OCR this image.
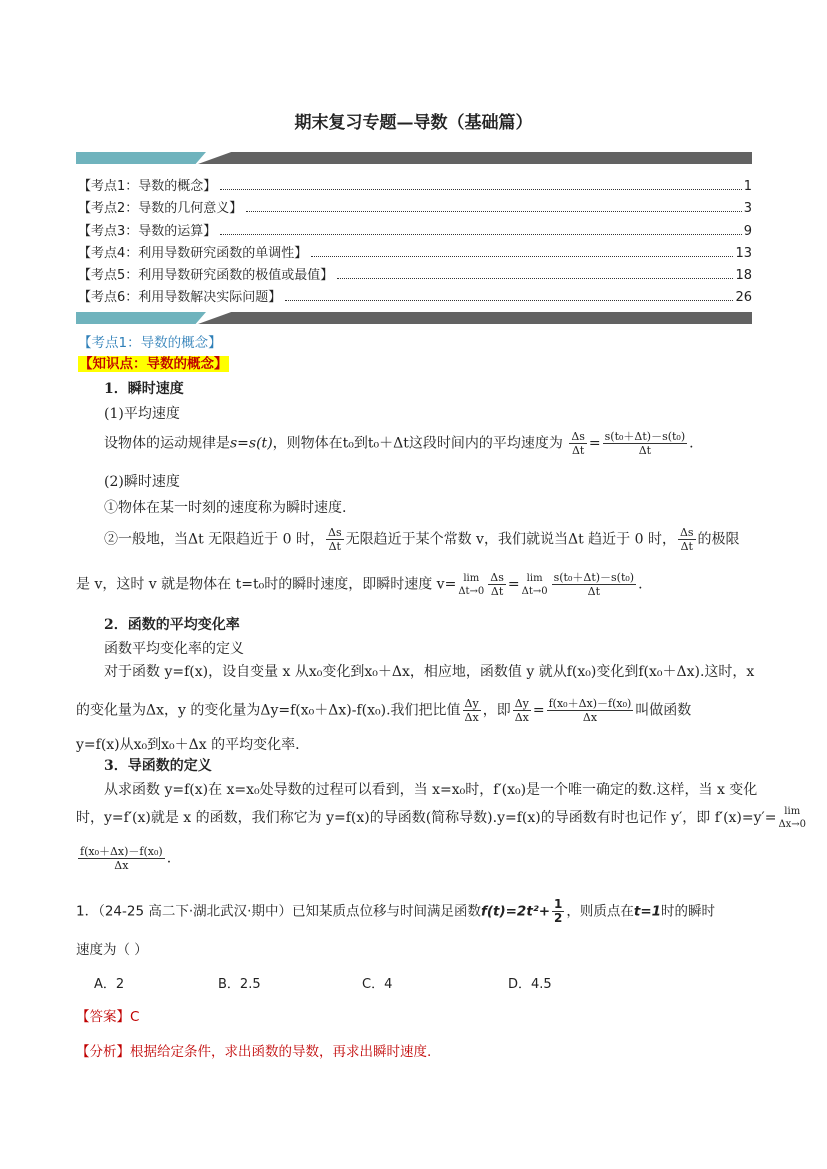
期末复习专题—导数（基础篇）
【考点1：导数的概念】	1
【考点2：导数的几何意义】	3
【考点3：导数的运算】	9
【考点4：利用导数研究函数的单调性】	13
【考点5：利用导数研究函数的极值或最值】	18
【考点6：利用导数解决实际问题】	26
【考点1：导数的概念】
【知识点：导数的概念】
1．瞬时速度
(1)平均速度
设物体的运动规律是s=s(t)，则物体在t₀到t₀＋Δt这段时间内的平均速度为 $\frac{\Delta s}{\Delta t} = \frac{\text{s(t₀＋Δt)－s(t₀)}}{\Delta t}$ .
(2)瞬时速度
①物体在某一时刻的速度称为瞬时速度.
②一般地，当Δt 无限趋近于 0 时， $\frac{\Delta s}{\Delta t}$ 无限趋近于某个常数 v，我们就说当Δt 趋近于 0 时， $\frac{\Delta s}{\Delta t}$ 的极限
是 v，这时 v 就是物体在 t=t₀时的瞬时速度，即瞬时速度 v= lim
$\Delta t\to 0 \frac{\Delta s}{\Delta t} = \lim$
$\Delta t\to 0 \frac{\text{s(t₀＋Δt)－s(t₀)}}{\Delta t}$ .
2．函数的平均变化率
函数平均变化率的定义
对于函数 y=f(x)，设自变量 x 从x₀变化到x₀＋Δx，相应地，函数值 y 就从f(x₀)变化到f(x₀＋Δx).这时，x
的变化量为Δx，y 的变化量为Δy=f(x₀＋Δx)-f(x₀).我们把比值 $\frac{\Delta y}{\Delta x}$ ，即 $\frac{\Delta y}{\Delta x} = \frac{\text{f(x₀＋Δx)－f(x₀)}}{\Delta x}$ 叫做函数
y=f(x)从x₀到x₀＋Δx 的平均变化率.
3．导函数的定义
从求函数 y=f(x)在 x=x₀处导数的过程可以看到，当 x=x₀时，f′(x₀)是一个唯一确定的数.这样，当 x 变化
时，y=f′(x)就是 x 的函数，我们称它为 y=f(x)的导函数(简称导数).y=f(x)的导函数有时也记作 y′，即 f′(x)=y′= lim
Δx→0
$\frac{\text{f(x₀＋Δx)－f(x₀)}}{\Delta x}$ .
1．（24-25 高二下·湖北武汉·期中）已知某质点位移与时间满足函数$f(t)=2t^2+ \frac{1}{2}$ ，则质点在t=1时的瞬时
速度为（ ）
A．2	B．2.5	C．4	D．4.5
【答案】C
【分析】根据给定条件，求出函数的导数，再求出瞬时速度.
